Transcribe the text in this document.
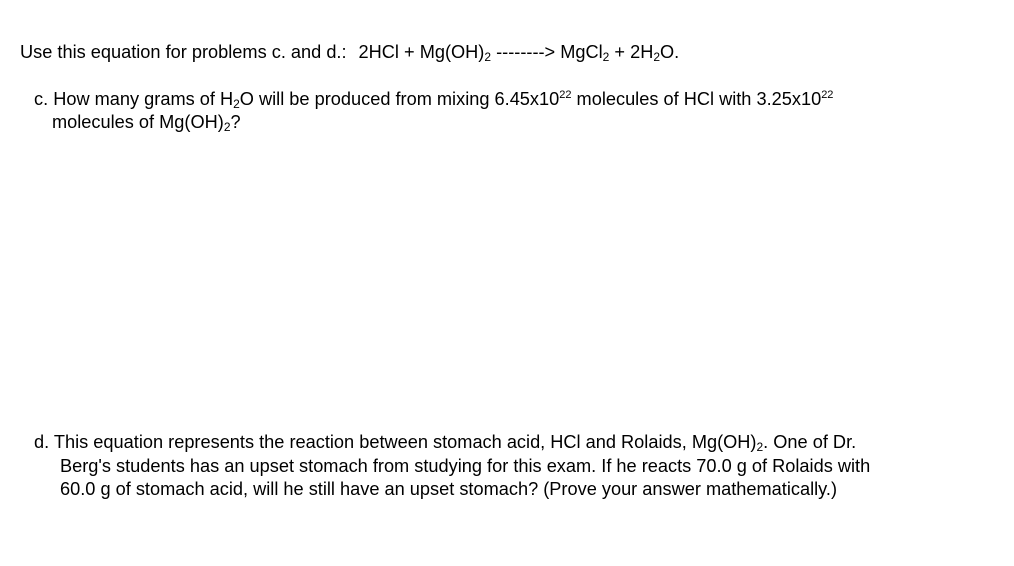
Use this equation for problems c. and d.: $2HCl + Mg(OH)_2$ --------> MgCl$_2$ + $2H_2O$.
c. How many grams of $H_2O$ will be produced from mixing $6.45x10^{22}$ molecules of HCl with $3.25x10^{22}$
molecules of $Mg(OH)_2$?
d. This equation represents the reaction between stomach acid, HCl and Rolaids, $Mg(OH)_2$. One of Dr.
Berg's students has an upset stomach from studying for this exam. If he reacts 70.0 g of Rolaids with
60.0 g of stomach acid, will he still have an upset stomach? (Prove your answer mathematically.)
